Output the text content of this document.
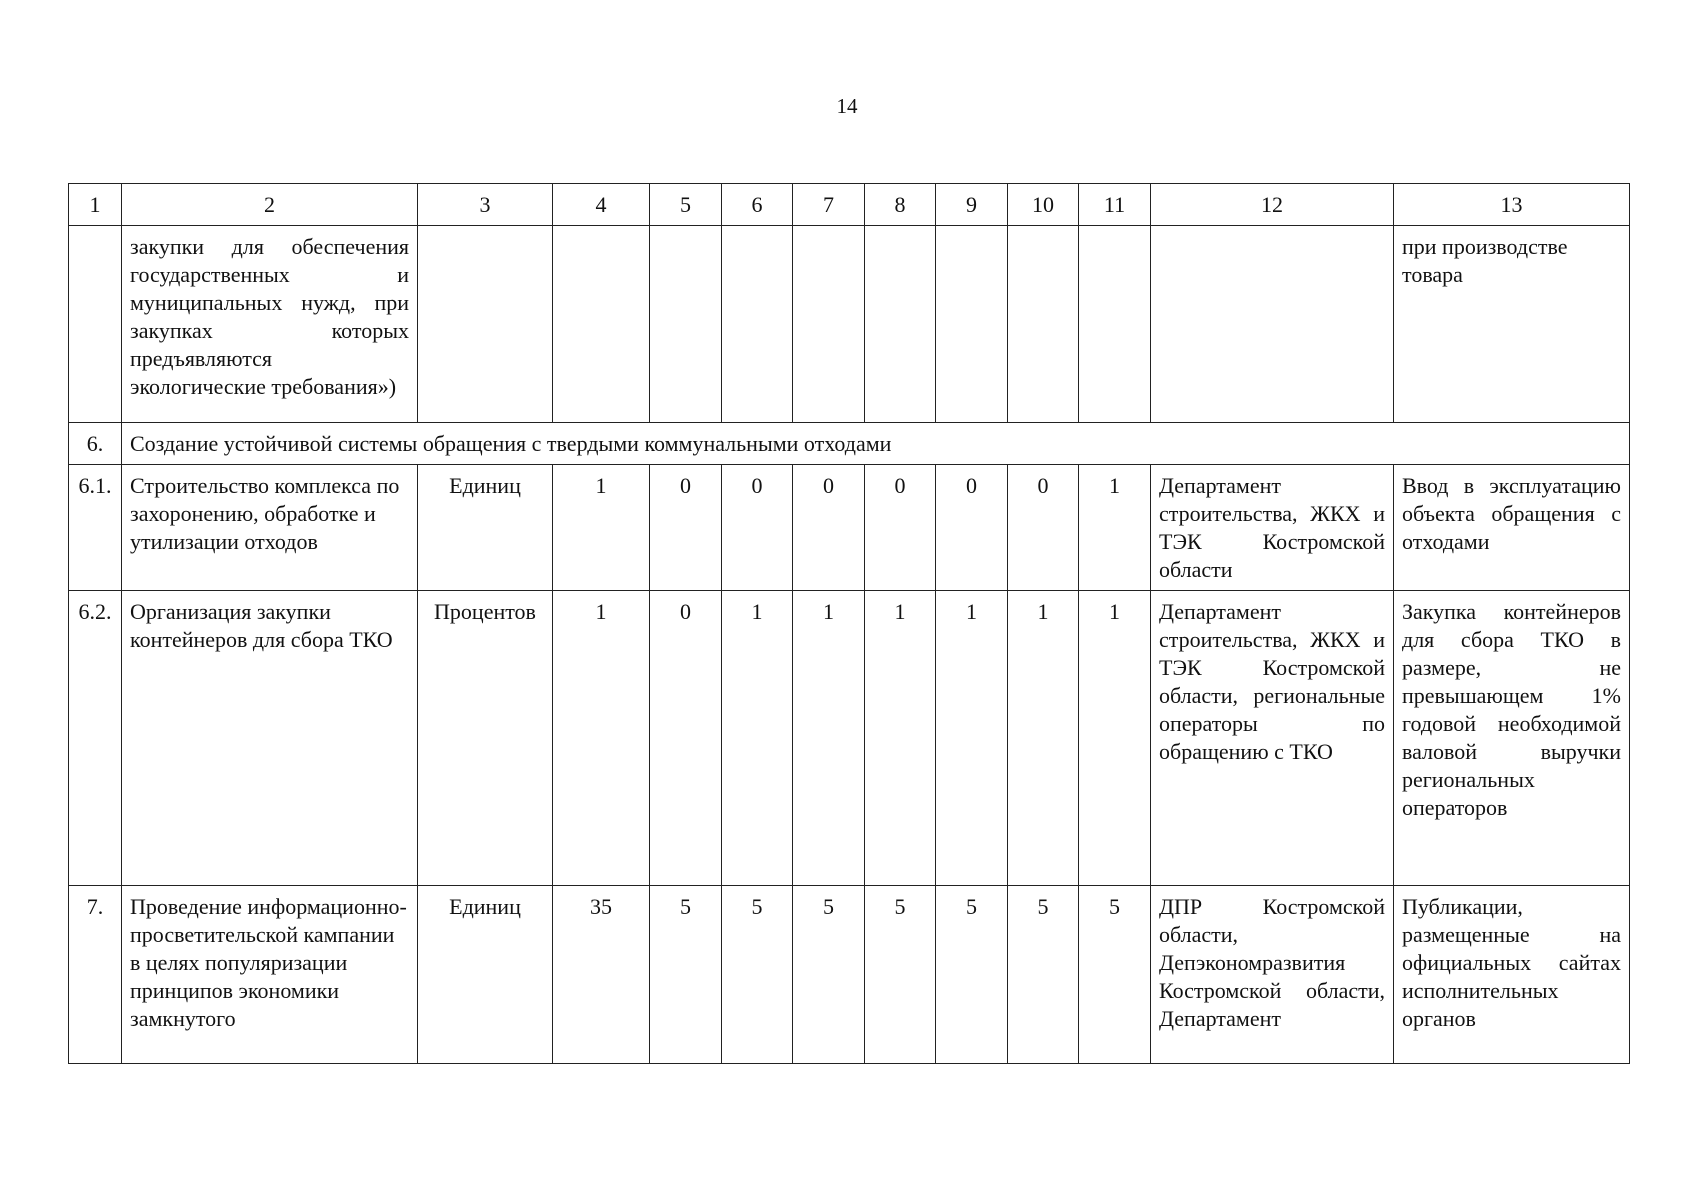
14
1	2	3	4	5	6	7	8	9	10	11	12	13
	закупки для обеспечения государственных и муниципальных нужд, при закупках которых предъявляются экологические требования»)											при производстве товара
6.	Создание устойчивой системы обращения с твердыми коммунальными отходами											
6.1.	Строительство комплекса по захоронению, обработке и утилизации отходов	Единиц	1	0	0	0	0	0	0	1	Департамент строительства, ЖКХ и ТЭК Костромской области	Ввод в эксплуатацию объекта обращения с отходами
6.2.	Организация закупки контейнеров для сбора ТКО	Процентов	1	0	1	1	1	1	1	1	Департамент строительства, ЖКХ и ТЭК Костромской области, региональные операторы по обращению с ТКО	Закупка контейнеров для сбора ТКО в размере, не превышающем 1% годовой необходимой валовой выручки региональных операторов
7.	Проведение информационно-просветительской кампании в целях популяризации принципов экономики замкнутого	Единиц	35	5	5	5	5	5	5	5	ДПР Костромской области, Депэкономразвития Костромской области, Департамент	Публикации, размещенные на официальных сайтах исполнительных органов
